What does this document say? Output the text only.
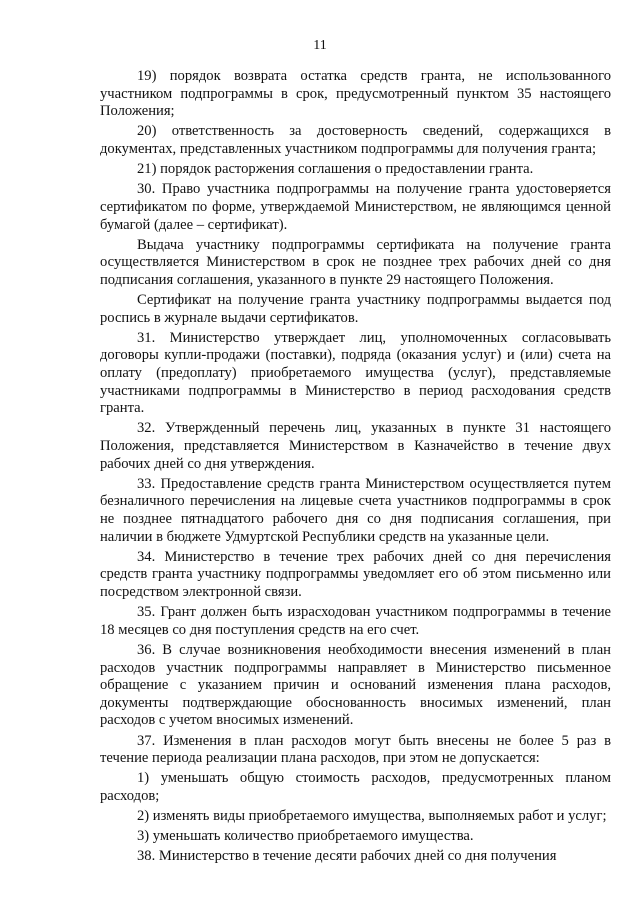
11

19) порядок возврата остатка средств гранта, не использованного участником подпрограммы в срок, предусмотренный пунктом 35 настоящего Положения;

20) ответственность за достоверность сведений, содержащихся в документах, представленных участником подпрограммы для получения гранта;

21) порядок расторжения соглашения о предоставлении гранта.

30. Право участника подпрограммы на получение гранта удостоверяется сертификатом по форме, утверждаемой Министерством, не являющимся ценной бумагой (далее – сертификат).

Выдача участнику подпрограммы сертификата на получение гранта осуществляется Министерством в срок не позднее трех рабочих дней со дня подписания соглашения, указанного в пункте 29 настоящего Положения.

Сертификат на получение гранта участнику подпрограммы выдается под роспись в журнале выдачи сертификатов.

31. Министерство утверждает лиц, уполномоченных согласовывать договоры купли-продажи (поставки), подряда (оказания услуг) и (или) счета на оплату (предоплату) приобретаемого имущества (услуг), представляемые участниками подпрограммы в Министерство в период расходования средств гранта.

32. Утвержденный перечень лиц, указанных в пункте 31 настоящего Положения, представляется Министерством в Казначейство в течение двух рабочих дней со дня утверждения.

33. Предоставление средств гранта Министерством осуществляется путем безналичного перечисления на лицевые счета участников подпрограммы в срок не позднее пятнадцатого рабочего дня со дня подписания соглашения, при наличии в бюджете Удмуртской Республики средств на указанные цели.

34. Министерство в течение трех рабочих дней со дня перечисления средств гранта участнику подпрограммы уведомляет его об этом письменно или посредством электронной связи.

35. Грант должен быть израсходован участником подпрограммы в течение 18 месяцев со дня поступления средств на его счет.

36. В случае возникновения необходимости внесения изменений в план расходов участник подпрограммы направляет в Министерство письменное обращение с указанием причин и оснований изменения плана расходов, документы подтверждающие обоснованность вносимых изменений, план расходов с учетом вносимых изменений.

37. Изменения в план расходов могут быть внесены не более 5 раз в течение периода реализации плана расходов, при этом не допускается:

1) уменьшать общую стоимость расходов, предусмотренных планом расходов;

2) изменять виды приобретаемого имущества, выполняемых работ и услуг;

3) уменьшать количество приобретаемого имущества.

38. Министерство в течение десяти рабочих дней со дня получения
